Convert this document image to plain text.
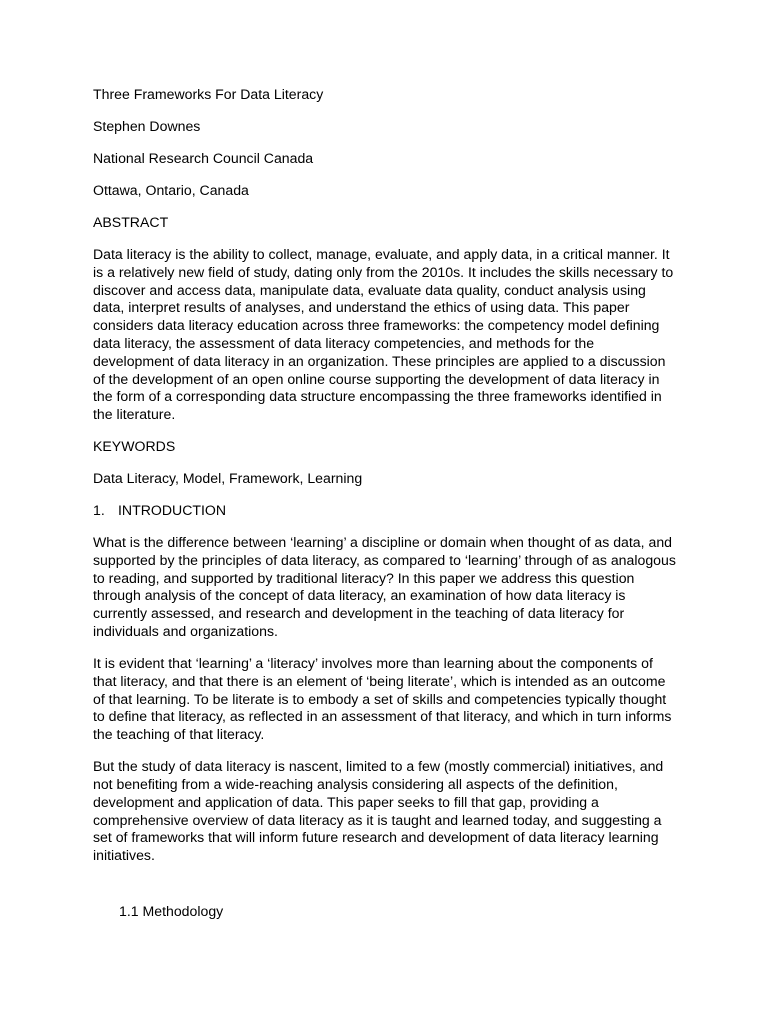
Three Frameworks For Data Literacy
Stephen Downes
National Research Council Canada
Ottawa, Ontario, Canada
ABSTRACT

Data literacy is the ability to collect, manage, evaluate, and apply data, in a critical manner. It is a relatively new field of study, dating only from the 2010s. It includes the skills necessary to discover and access data, manipulate data, evaluate data quality, conduct analysis using data, interpret results of analyses, and understand the ethics of using data. This paper considers data literacy education across three frameworks: the competency model defining data literacy, the assessment of data literacy competencies, and methods for the development of data literacy in an organization. These principles are applied to a discussion of the development of an open online course supporting the development of data literacy in the form of a corresponding data structure encompassing the three frameworks identified in the literature.

KEYWORDS
Data Literacy, Model, Framework, Learning
1. INTRODUCTION

What is the difference between ‘learning’ a discipline or domain when thought of as data, and supported by the principles of data literacy, as compared to ‘learning’ through of as analogous to reading, and supported by traditional literacy? In this paper we address this question through analysis of the concept of data literacy, an examination of how data literacy is currently assessed, and research and development in the teaching of data literacy for individuals and organizations.

It is evident that ‘learning’ a ‘literacy’ involves more than learning about the components of that literacy, and that there is an element of ‘being literate’, which is intended as an outcome of that learning. To be literate is to embody a set of skills and competencies typically thought to define that literacy, as reflected in an assessment of that literacy, and which in turn informs the teaching of that literacy.

But the study of data literacy is nascent, limited to a few (mostly commercial) initiatives, and not benefiting from a wide-reaching analysis considering all aspects of the definition, development and application of data. This paper seeks to fill that gap, providing a comprehensive overview of data literacy as it is taught and learned today, and suggesting a set of frameworks that will inform future research and development of data literacy learning initiatives.

1.1 Methodology
